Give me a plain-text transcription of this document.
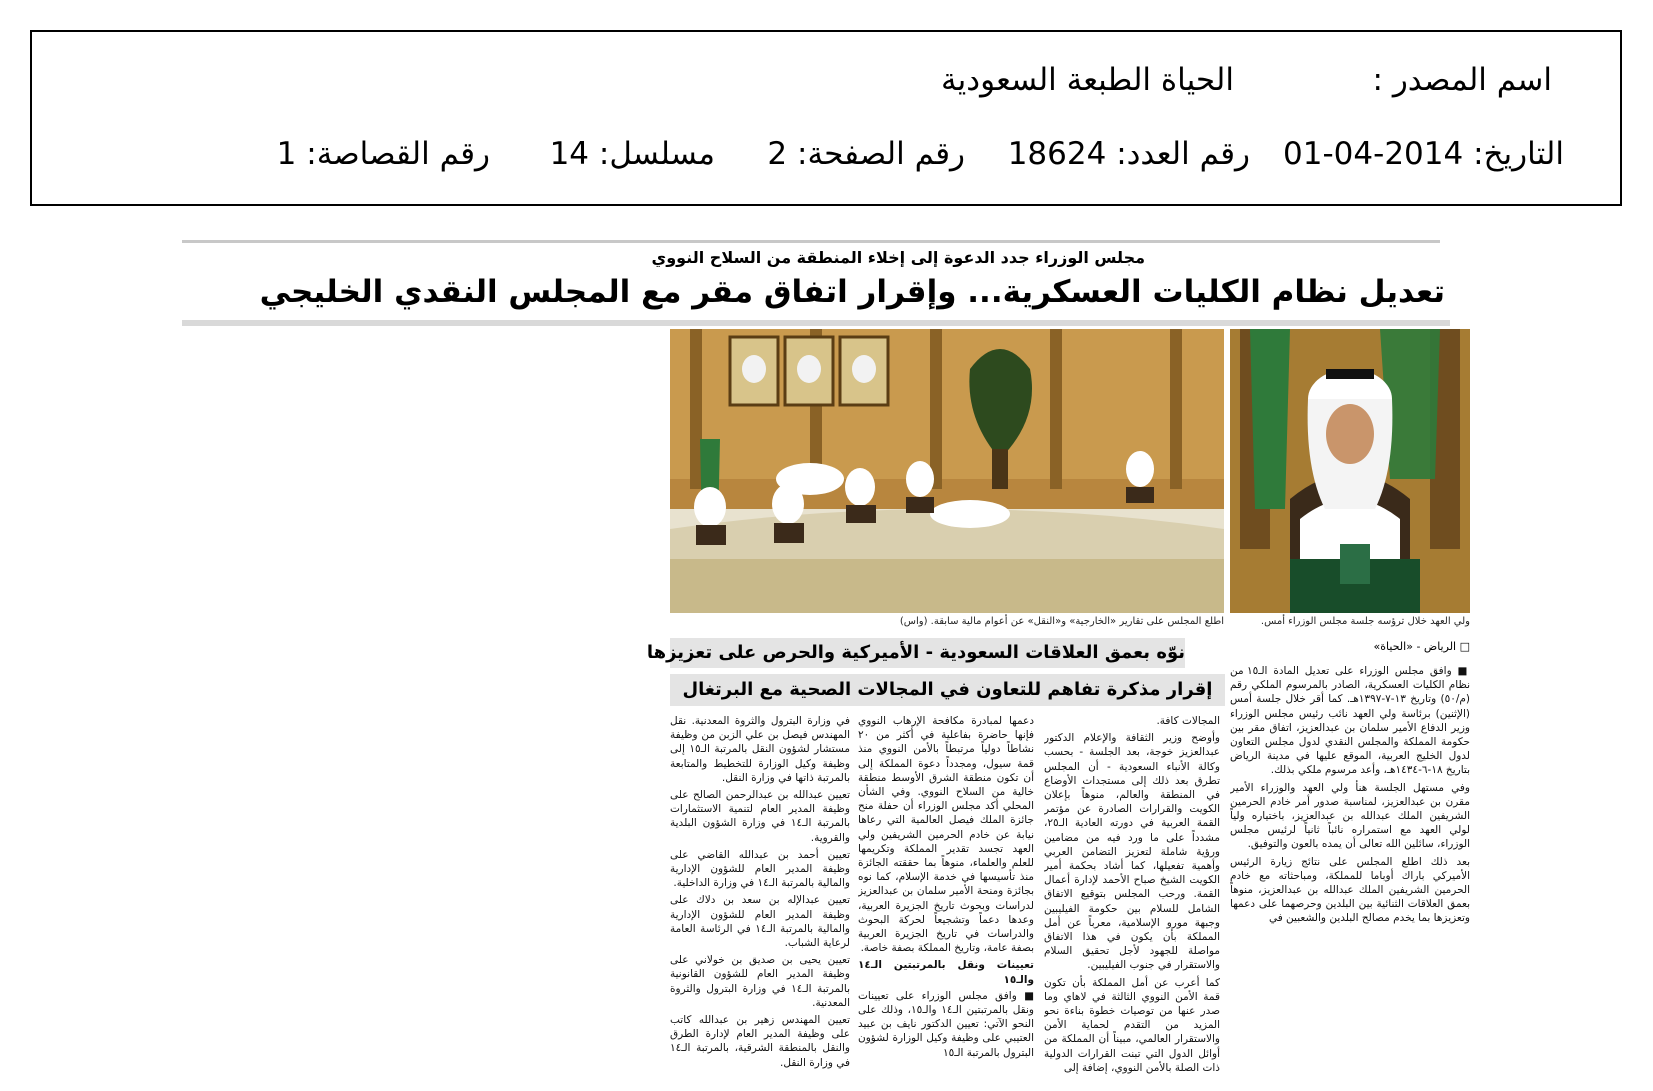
اسم المصدر :
الحياة الطبعة السعودية
التاريخ: 2014-04-01
رقم العدد: 18624
رقم الصفحة: 2
مسلسل: 14
رقم القصاصة: 1
مجلس الوزراء جدد الدعوة إلى إخلاء المنطقة من السلاح النووي
تعديل نظام الكليات العسكرية... وإقرار اتفاق مقر مع المجلس النقدي الخليجي
ولي العهد خلال ترؤسه جلسة مجلس الوزراء أمس.
اطلع المجلس على تقارير «الخارجية» و«النقل» عن أعوام مالية سابقة. (واس)
□ الرياض - «الحياة»
نوّه بعمق العلاقات السعودية - الأميركية والحرص على تعزيزها
إقرار مذكرة تفاهم للتعاون في المجالات الصحية مع البرتغال

■ وافق مجلس الوزراء على تعديل المادة الـ١٥ من نظام الكليات العسكرية، الصادر بالمرسوم الملكي رقم (م/٥٠) وتاريخ ١٣-٧-١٣٩٧هـ. كما أقر خلال جلسة أمس (الإثنين) برئاسة ولي العهد نائب رئيس مجلس الوزراء وزير الدفاع الأمير سلمان بن عبدالعزيز، اتفاق مقر بين حكومة المملكة والمجلس النقدي لدول مجلس التعاون لدول الخليج العربية، الموقع عليها في مدينة الرياض بتاريخ ١٨-٦-١٤٣٤هـ، وأعد مرسوم ملكي بذلك.

وفي مستهل الجلسة هنأ ولي العهد والوزراء الأمير مقرن بن عبدالعزيز، لمناسبة صدور أمر خادم الحرمين الشريفين الملك عبدالله بن عبدالعزيز، باختياره ولياً لولي العهد مع استمراره نائباً ثانياً لرئيس مجلس الوزراء، سائلين الله تعالى أن يمده بالعون والتوفيق.

بعد ذلك اطلع المجلس على نتائج زيارة الرئيس الأميركي باراك أوباما للمملكة، ومباحثاته مع خادم الحرمين الشريفين الملك عبدالله بن عبدالعزيز، منوهاً بعمق العلاقات الثنائية بين البلدين وحرصهما على دعمها وتعزيزها بما يخدم مصالح البلدين والشعبين في

المجالات كافة.

وأوضح وزير الثقافة والإعلام الدكتور عبدالعزيز خوجة، بعد الجلسة - بحسب وكالة الأنباء السعودية - أن المجلس تطرق بعد ذلك إلى مستجدات الأوضاع في المنطقة والعالم، منوهاً بإعلان الكويت والقرارات الصادرة عن مؤتمر القمة العربية في دورته العادية الـ٢٥، مشدداً على ما ورد فيه من مضامين ورؤية شاملة لتعزيز التضامن العربي وأهمية تفعيلها، كما أشاد بحكمة أمير الكويت الشيخ صباح الأحمد لإدارة أعمال القمة. ورحب المجلس بتوقيع الاتفاق الشامل للسلام بين حكومة الفيليبين وجبهة مورو الإسلامية، معرباً عن أمل المملكة بأن يكون في هذا الاتفاق مواصلة للجهود لأجل تحقيق السلام والاستقرار في جنوب الفيليبين.

كما أعرب عن أمل المملكة بأن تكون قمة الأمن النووي الثالثة في لاهاي وما صدر عنها من توصيات خطوة بناءة نحو المزيد من التقدم لحماية الأمن والاستقرار العالمي، مبيناً أن المملكة من أوائل الدول التي تبنت القرارات الدولية ذات الصلة بالأمن النووي، إضافة إلى

دعمها لمبادرة مكافحة الإرهاب النووي فإنها حاضرة بفاعلية في أكثر من ٢٠ نشاطاً دولياً مرتبطاً بالأمن النووي منذ قمة سيول، ومجدداً دعوة المملكة إلى أن تكون منطقة الشرق الأوسط منطقة خالية من السلاح النووي. وفي الشأن المحلي أكد مجلس الوزراء أن حفلة منح جائزة الملك فيصل العالمية التي رعاها نيابة عن خادم الحرمين الشريفين ولي العهد تجسد تقدير المملكة وتكريمها للعلم والعلماء، منوهاً بما حققته الجائزة منذ تأسيسها في خدمة الإسلام، كما نوه بجائزة ومنحة الأمير سلمان بن عبدالعزيز لدراسات وبحوث تاريخ الجزيرة العربية، وعدها دعماً وتشجيعاً لحركة البحوث والدراسات في تاريخ الجزيرة العربية بصفة عامة، وتاريخ المملكة بصفة خاصة.

تعيينات ونقل بالمرتبتين الـ١٤ والـ١٥

■ وافق مجلس الوزراء على تعيينات ونقل بالمرتبتين الـ١٤ والـ١٥، وذلك على النحو الآتي: تعيين الدكتور نايف بن عبيد العتيبي على وظيفة وكيل الوزارة لشؤون البترول بالمرتبة الـ١٥

في وزارة البترول والثروة المعدنية. نقل المهندس فيصل بن علي الزبن من وظيفة مستشار لشؤون النقل بالمرتبة الـ١٥ إلى وظيفة وكيل الوزارة للتخطيط والمتابعة بالمرتبة ذاتها في وزارة النقل.

تعيين عبدالله بن عبدالرحمن الصالح على وظيفة المدير العام لتنمية الاستثمارات بالمرتبة الـ١٤ في وزارة الشؤون البلدية والقروية.

تعيين أحمد بن عبدالله القاضي على وظيفة المدير العام للشؤون الإدارية والمالية بالمرتبة الـ١٤ في وزارة الداخلية.

تعيين عبدالإله بن سعد بن دلاك على وظيفة المدير العام للشؤون الإدارية والمالية بالمرتبة الـ١٤ في الرئاسة العامة لرعاية الشباب.

تعيين يحيى بن صديق بن خولاني على وظيفة المدير العام للشؤون القانونية بالمرتبة الـ١٤ في وزارة البترول والثروة المعدنية.

تعيين المهندس زهير بن عبدالله كاتب على وظيفة المدير العام لإدارة الطرق والنقل بالمنطقة الشرقية، بالمرتبة الـ١٤ في وزارة النقل.
